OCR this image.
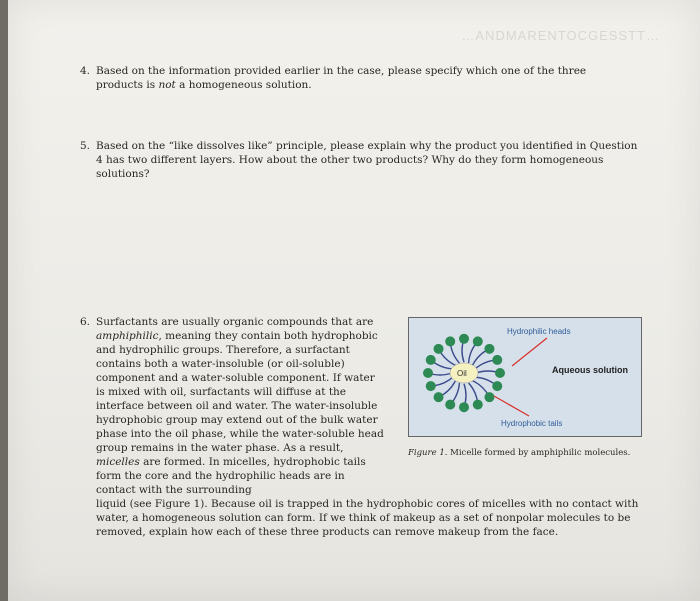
…ANDMARENTOCGESSTT…
4. Based on the information provided earlier in the case, please specify which one of the three products is not a homogeneous solution.
5. Based on the “like dissolves like” principle, please explain why the product you identified in Question 4 has two different layers. How about the other two products? Why do they form homogeneous solutions?
6. Surfactants are usually organic compounds that are amphiphilic, meaning they contain both hydrophobic and hydrophilic groups. Therefore, a surfactant contains both a water-insoluble (or oil-soluble) component and a water-soluble component. If water is mixed with oil, surfactants will diffuse at the interface between oil and water. The water-insoluble hydrophobic group may extend out of the bulk water phase into the oil phase, while the water-soluble head group remains in the water phase. As a result, micelles are formed. In micelles, hydrophobic tails form the core and the hydrophilic heads are in contact with the surrounding
liquid (see Figure 1). Because oil is trapped in the hydrophobic cores of micelles with no contact with water, a homogeneous solution can form. If we think of makeup as a set of nonpolar molecules to be removed, explain how each of these three products can remove makeup from the face.
Oil
Hydrophilic heads
Aqueous solution
Hydrophobic tails
Figure 1. Micelle formed by amphiphilic molecules.
